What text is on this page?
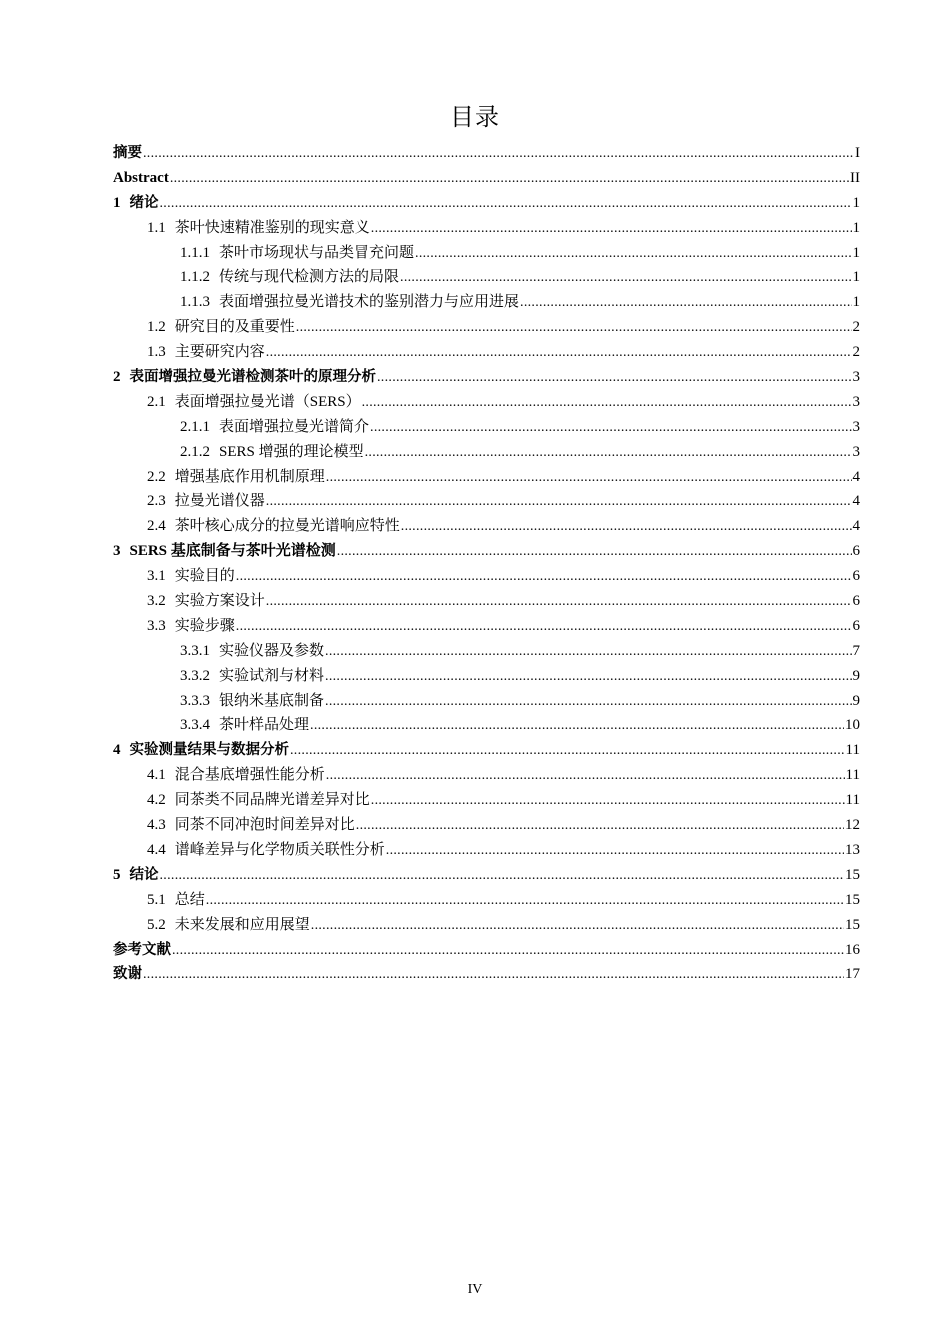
目录
摘要 .....	I
Abstract .....	II
1 绪论 .....	1
1.1 茶叶快速精准鉴别的现实意义 .....	1
1.1.1 茶叶市场现状与品类冒充问题 .....	1
1.1.2 传统与现代检测方法的局限 .....	1
1.1.3 表面增强拉曼光谱技术的鉴别潜力与应用进展 .....	1
1.2 研究目的及重要性 .....	2
1.3 主要研究内容 .....	2
2 表面增强拉曼光谱检测茶叶的原理分析 .....	3
2.1 表面增强拉曼光谱（SERS） .....	3
2.1.1 表面增强拉曼光谱简介 .....	3
2.1.2 SERS 增强的理论模型 .....	3
2.2 增强基底作用机制原理 .....	4
2.3 拉曼光谱仪器 .....	4
2.4 茶叶核心成分的拉曼光谱响应特性 .....	4
3 SERS 基底制备与茶叶光谱检测 .....	6
3.1 实验目的 .....	6
3.2 实验方案设计 .....	6
3.3 实验步骤 .....	6
3.3.1 实验仪器及参数 .....	7
3.3.2 实验试剂与材料 .....	9
3.3.3 银纳米基底制备 .....	9
3.3.4 茶叶样品处理 .....	10
4 实验测量结果与数据分析 .....	11
4.1 混合基底增强性能分析 .....	11
4.2 同茶类不同品牌光谱差异对比 .....	11
4.3 同茶不同冲泡时间差异对比 .....	12
4.4 谱峰差异与化学物质关联性分析 .....	13
5 结论 .....	15
5.1 总结 .....	15
5.2 未来发展和应用展望 .....	15
参考文献 .....	16
致谢 .....	17
IV
